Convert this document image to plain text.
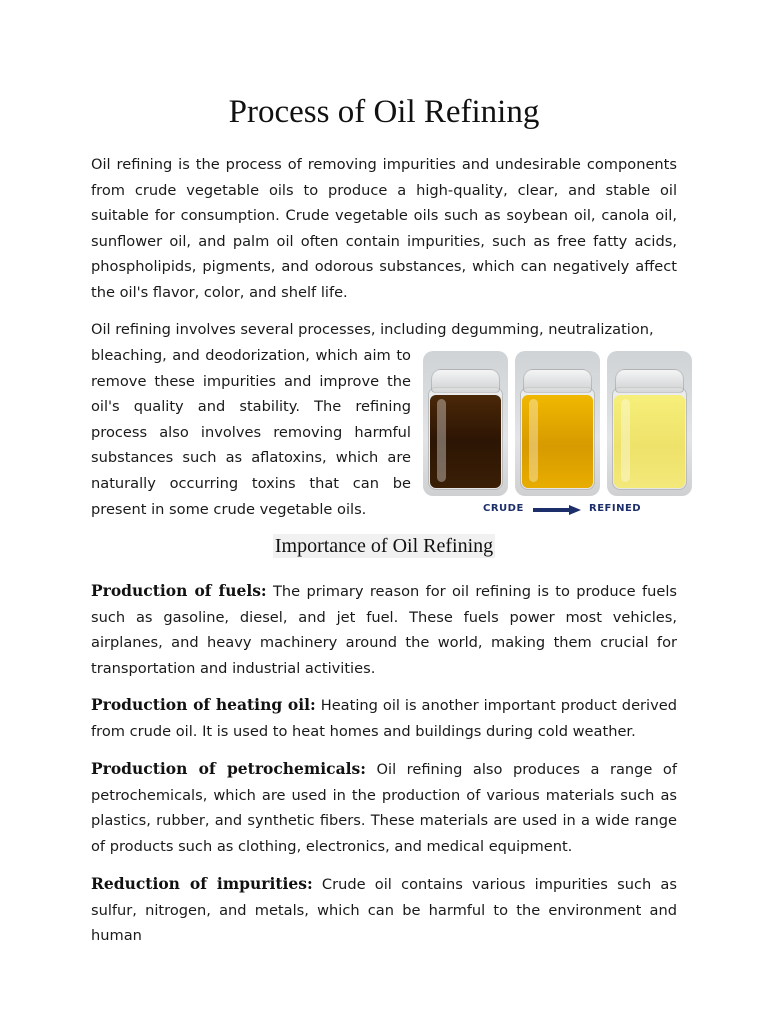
Process of Oil Refining

Oil refining is the process of removing impurities and undesirable components from crude vegetable oils to produce a high-quality, clear, and stable oil suitable for consumption. Crude vegetable oils such as soybean oil, canola oil, sunflower oil, and palm oil often contain impurities, such as free fatty acids, phospholipids, pigments, and odorous substances, which can negatively affect the oil's flavor, color, and shelf life.

Oil refining involves several processes, including degumming, neutralization,

bleaching, and deodorization, which aim to remove these impurities and improve the oil's quality and stability. The refining process also involves removing harmful substances such as aflatoxins, which are naturally occurring toxins that can be present in some crude vegetable oils.	CRUDE	REFINED
Importance of Oil Refining

Production of fuels: The primary reason for oil refining is to produce fuels such as gasoline, diesel, and jet fuel. These fuels power most vehicles, airplanes, and heavy machinery around the world, making them crucial for transportation and industrial activities.

Production of heating oil: Heating oil is another important product derived from crude oil. It is used to heat homes and buildings during cold weather.

Production of petrochemicals: Oil refining also produces a range of petrochemicals, which are used in the production of various materials such as plastics, rubber, and synthetic fibers. These materials are used in a wide range of products such as clothing, electronics, and medical equipment.

Reduction of impurities: Crude oil contains various impurities such as sulfur, nitrogen, and metals, which can be harmful to the environment and human
